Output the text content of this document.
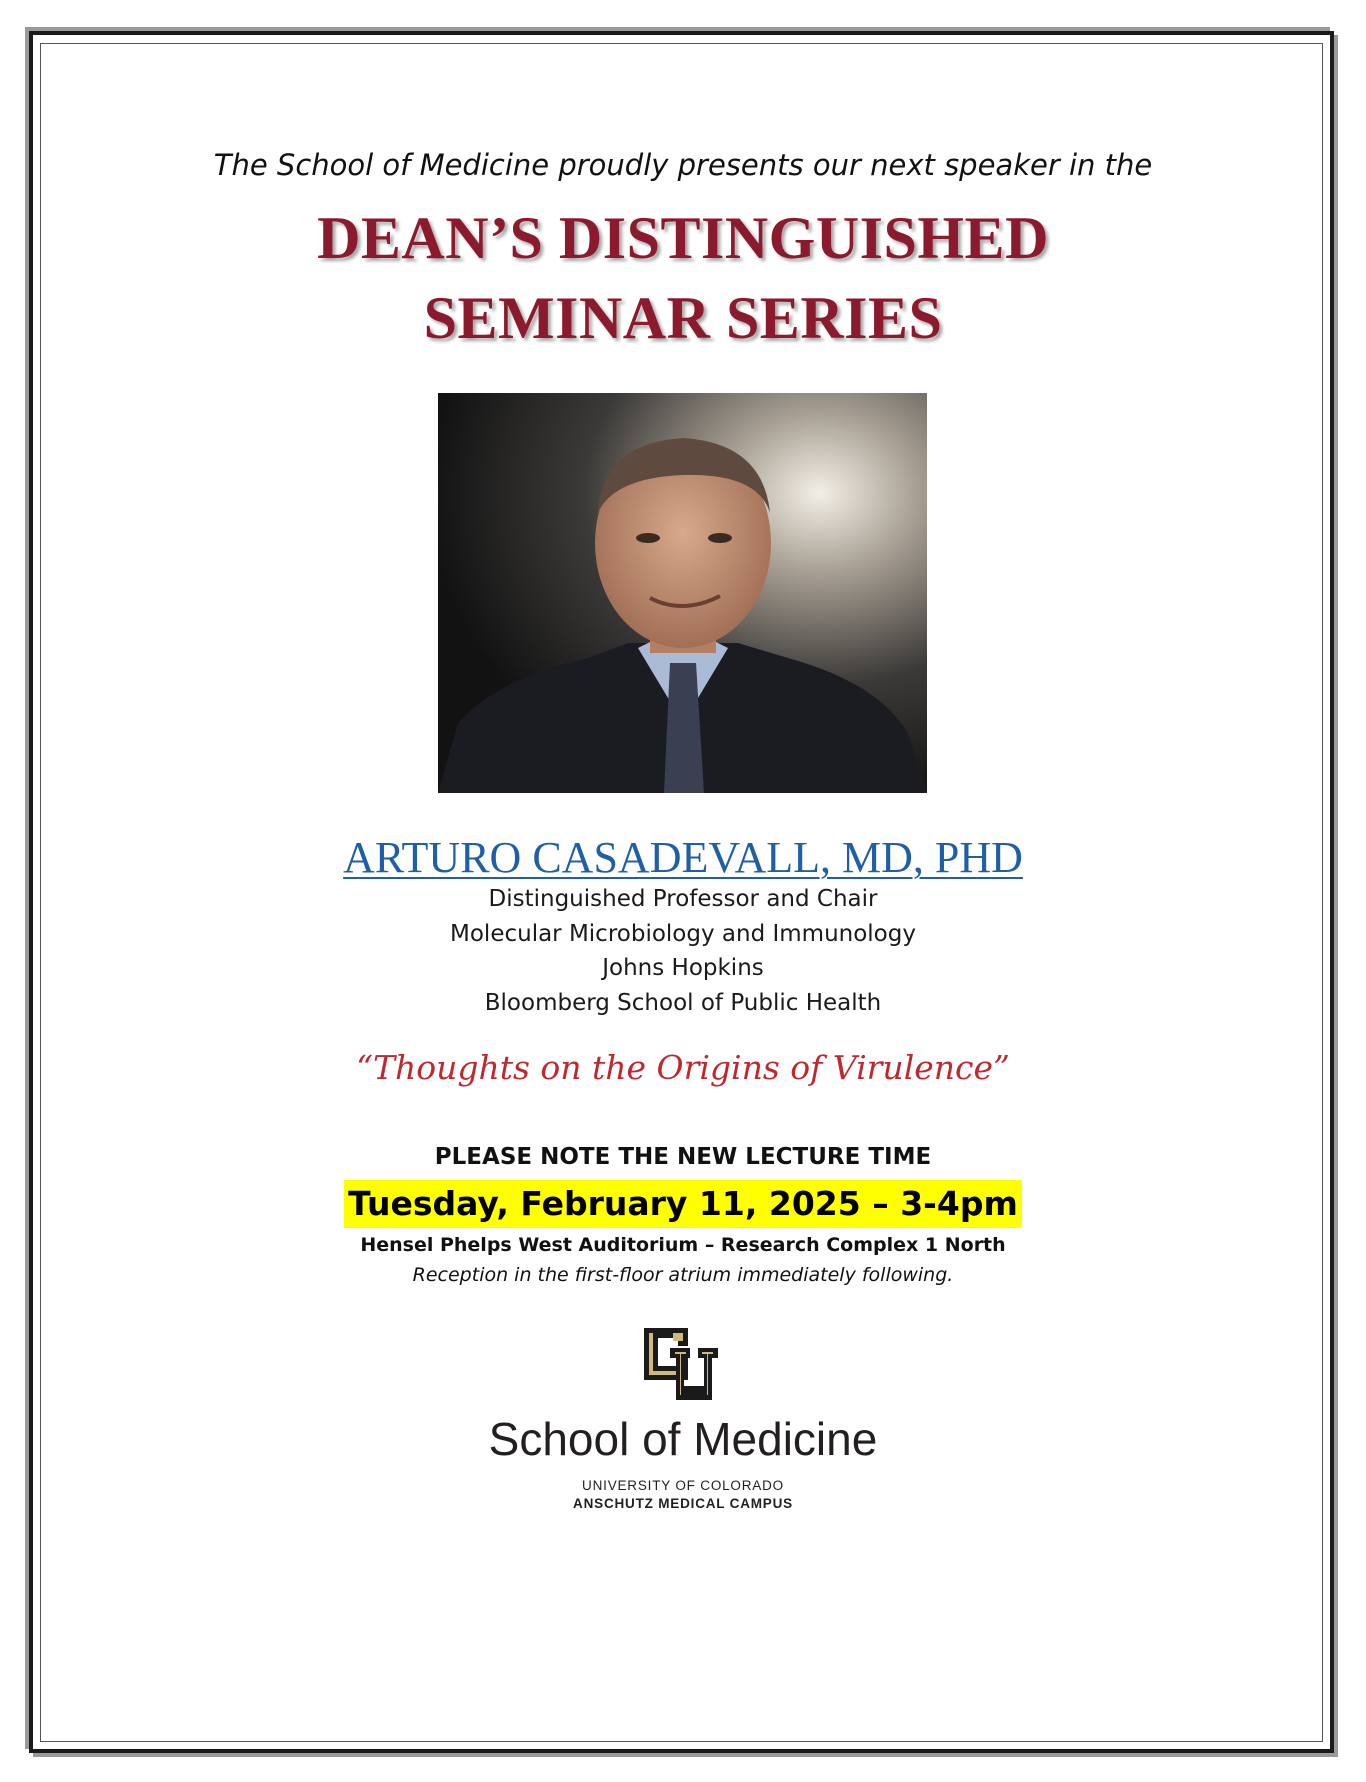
The School of Medicine proudly presents our next speaker in the
DEAN’S DISTINGUISHED
SEMINAR SERIES
ARTURO CASADEVALL, MD, PHD
Distinguished Professor and Chair
Molecular Microbiology and Immunology
Johns Hopkins
Bloomberg School of Public Health
“Thoughts on the Origins of Virulence”
PLEASE NOTE THE NEW LECTURE TIME
Tuesday, February 11, 2025 – 3-4pm
Hensel Phelps West Auditorium – Research Complex 1 North
Reception in the first-floor atrium immediately following.
School of Medicine
UNIVERSITY OF COLORADO
ANSCHUTZ MEDICAL CAMPUS
